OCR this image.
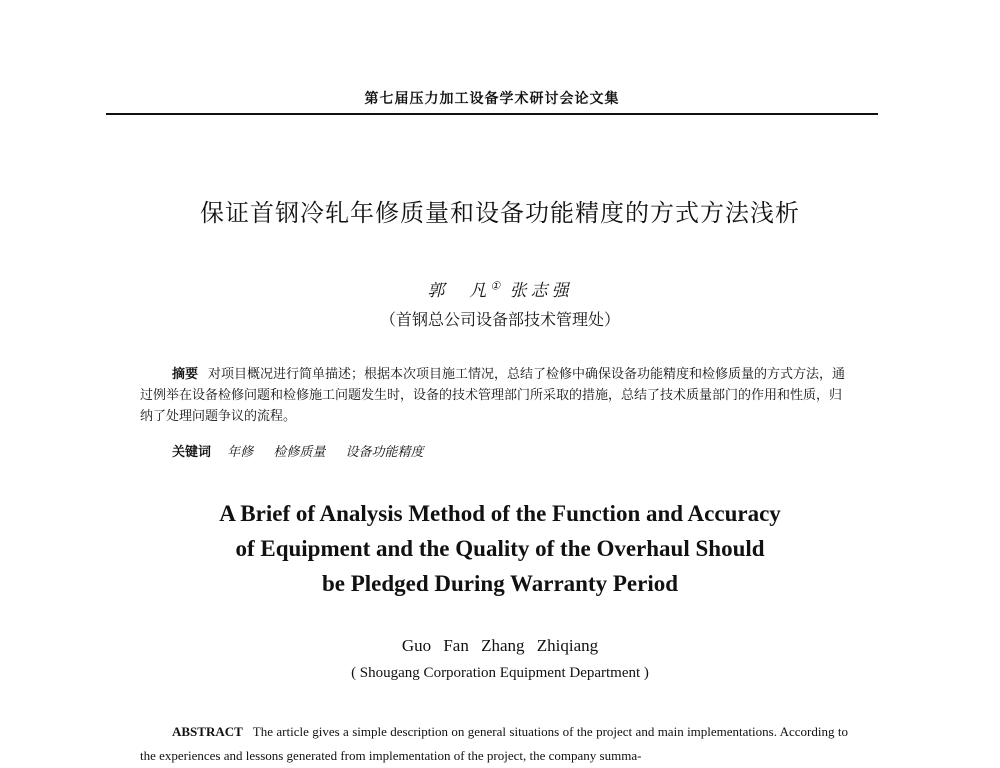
第七届压力加工设备学术研讨会论文集
保证首钢冷轧年修质量和设备功能精度的方式方法浅析
郭　凡① 张志强
（首钢总公司设备部技术管理处）
摘要 对项目概况进行简单描述；根据本次项目施工情况，总结了检修中确保设备功能精度和检修质量的方式方法，通过例举在设备检修问题和检修施工问题发生时，设备的技术管理部门所采取的措施，总结了技术质量部门的作用和性质，归纳了处理问题争议的流程。
关键词 年修 检修质量 设备功能精度
A Brief of Analysis Method of the Function and Accuracy
of Equipment and the Quality of the Overhaul Should
be Pledged During Warranty Period
Guo Fan Zhang Zhiqiang
( Shougang Corporation Equipment Department )
ABSTRACT The article gives a simple description on general situations of the project and main implementations. According to the experiences and lessons generated from implementation of the project, the company summa-
